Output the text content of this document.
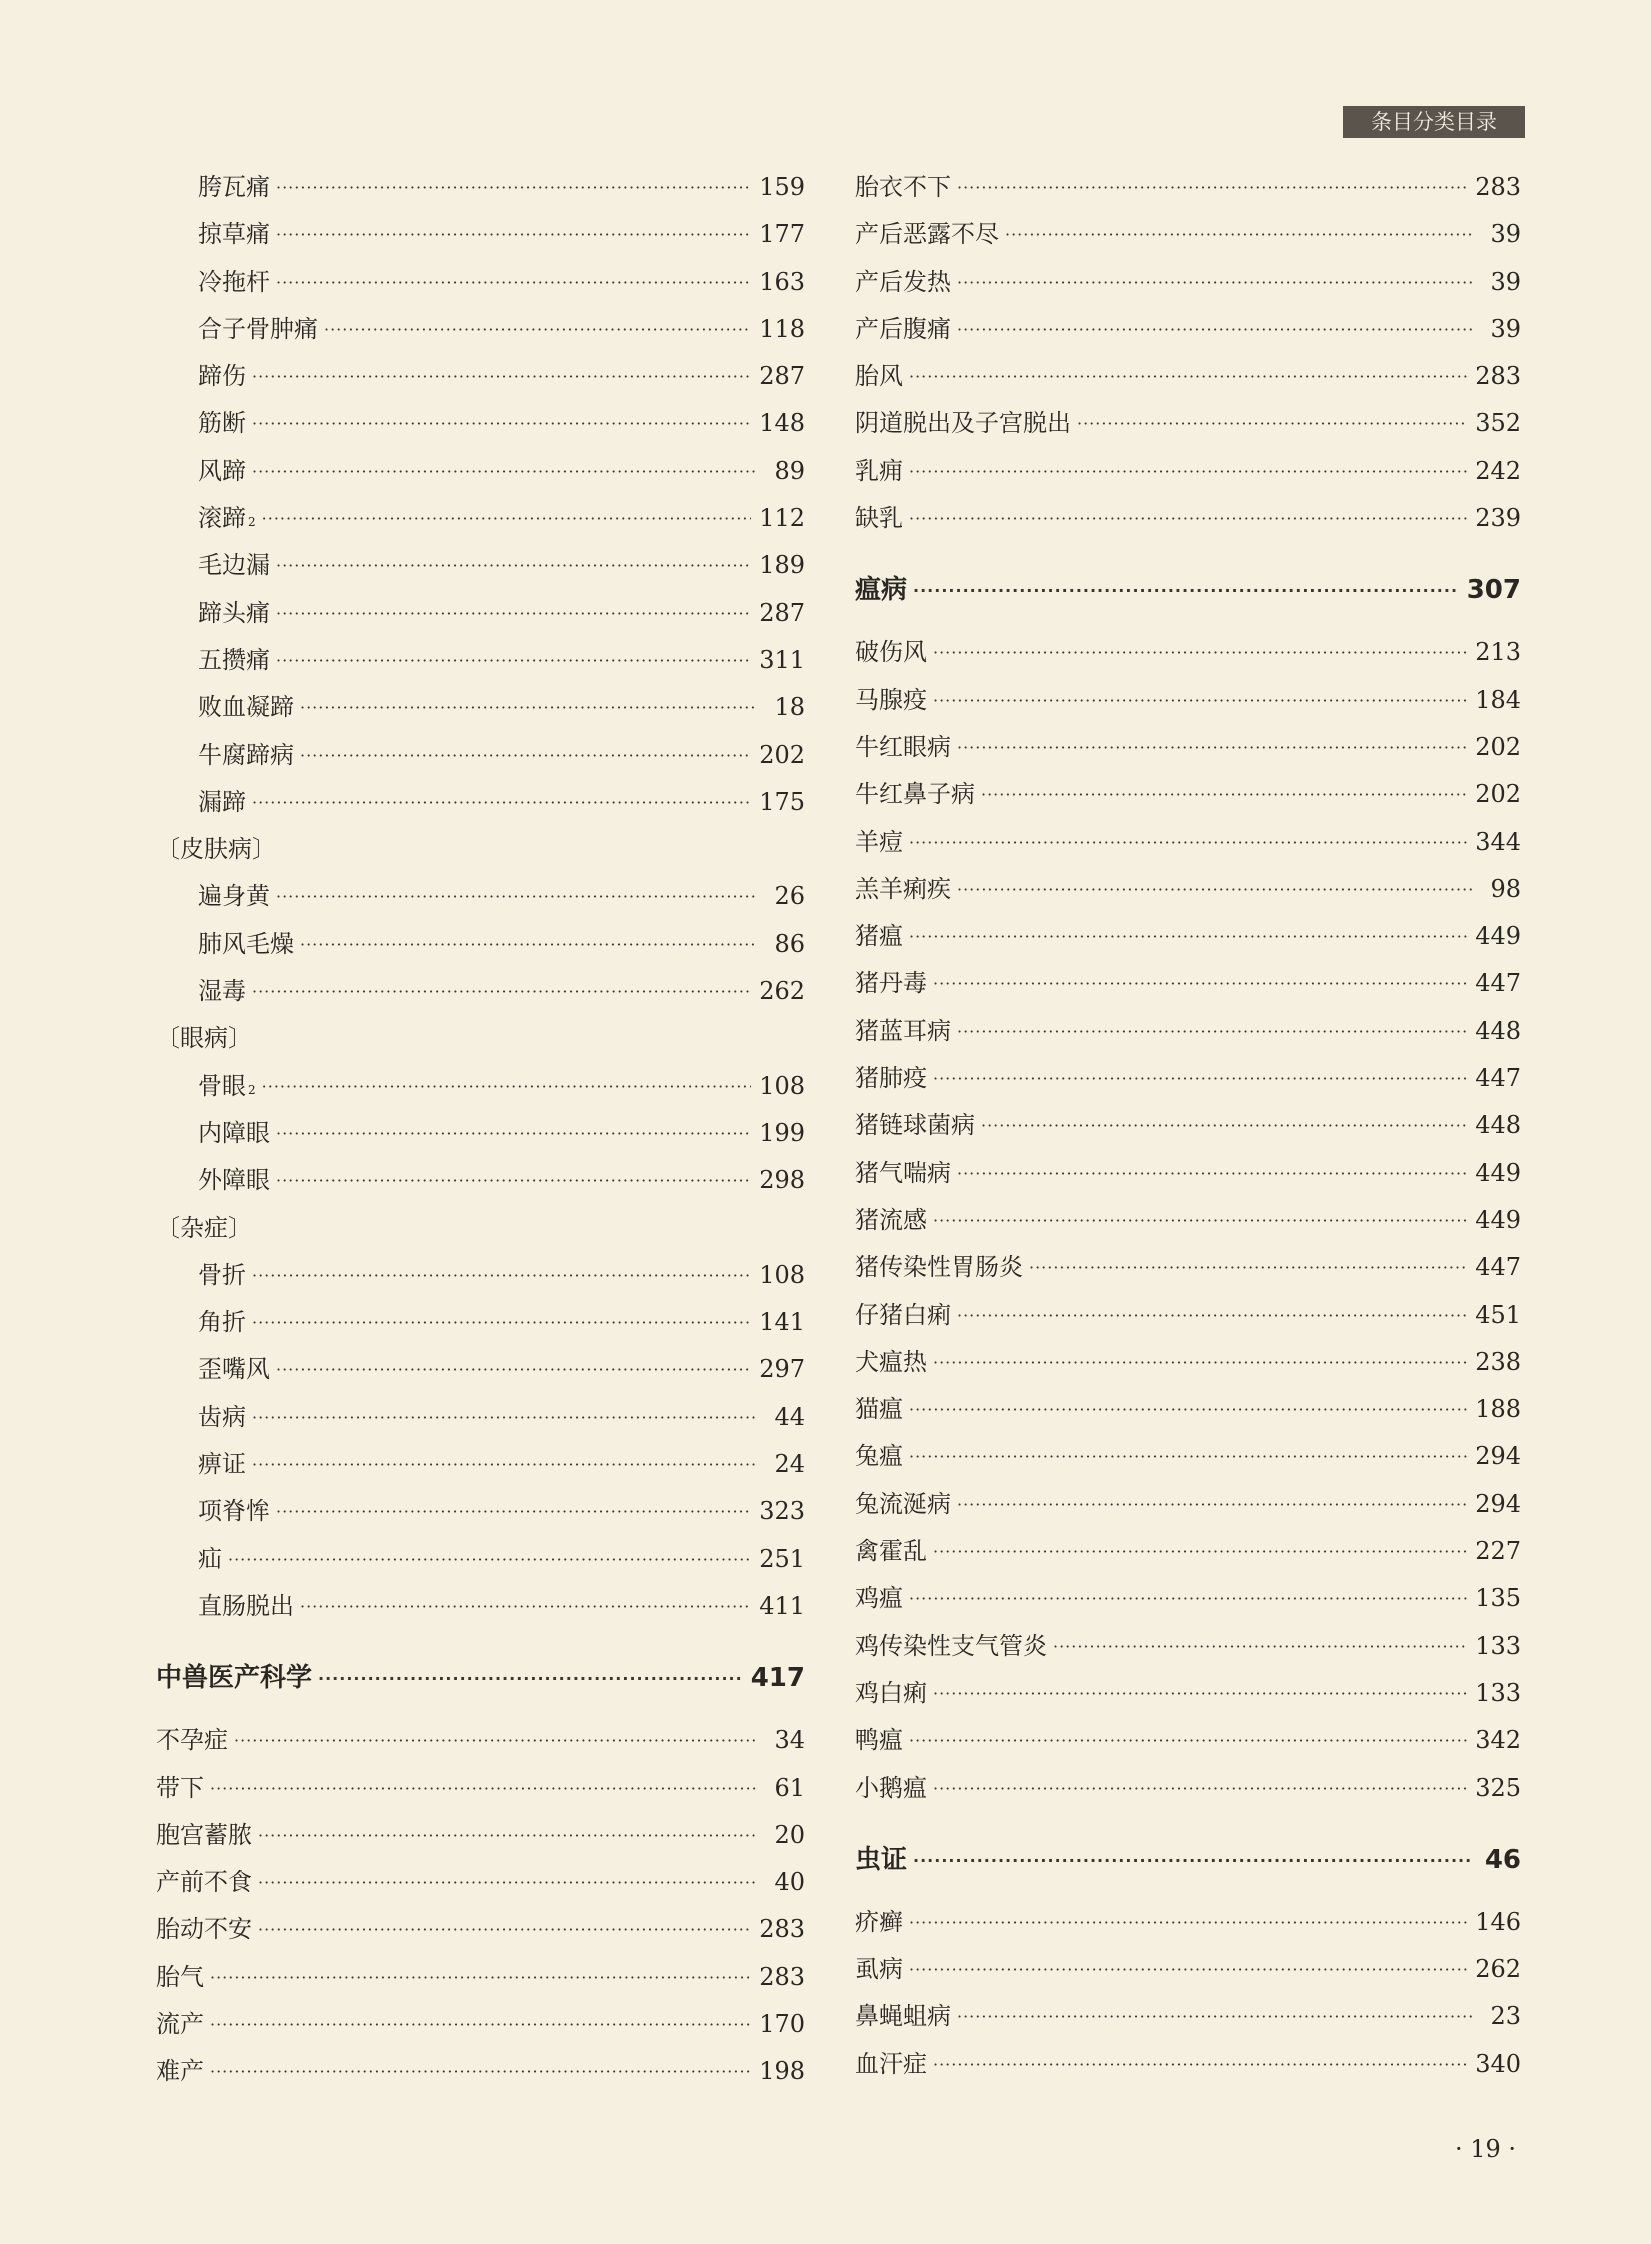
条目分类目录
胯瓦痛 ·····	159
掠草痛 ·····	177
冷拖杆 ·····	163
合子骨肿痛 ·····	118
蹄伤 ·····	287
筋断 ·····	148
风蹄 ·····	89
滚蹄 2 ·····	112
毛边漏 ·····	189
蹄头痛 ·····	287
五攒痛 ·····	311
败血凝蹄 ·····	18
牛腐蹄病 ·····	202
漏蹄 ·····	175
〔皮肤病〕
遍身黄 ·····	26
肺风毛燥 ·····	86
湿毒 ·····	262
〔眼病〕
骨眼 2 ·····	108
内障眼 ·····	199
外障眼 ·····	298
〔杂症〕
骨折 ·····	108
角折 ·····	141
歪嘴风 ·····	297
齿病 ·····	44
痹证 ·····	24
项脊恈 ·····	323
疝 ·····	251
直肠脱出 ·····	411
中兽医产科学 ·····	417
不孕症 ·····	34
带下 ·····	61
胞宫蓄脓 ·····	20
产前不食 ·····	40
胎动不安 ·····	283
胎气 ·····	283
流产 ·····	170
难产 ·····	198
胎衣不下 ·····	283
产后恶露不尽 ·····	39
产后发热 ·····	39
产后腹痛 ·····	39
胎风 ·····	283
阴道脱出及子宫脱出 ·····	352
乳痈 ·····	242
缺乳 ·····	239
瘟病 ·····	307
破伤风 ·····	213
马腺疫 ·····	184
牛红眼病 ·····	202
牛红鼻子病 ·····	202
羊痘 ·····	344
羔羊痢疾 ·····	98
猪瘟 ·····	449
猪丹毒 ·····	447
猪蓝耳病 ·····	448
猪肺疫 ·····	447
猪链球菌病 ·····	448
猪气喘病 ·····	449
猪流感 ·····	449
猪传染性胃肠炎 ·····	447
仔猪白痢 ·····	451
犬瘟热 ·····	238
猫瘟 ·····	188
兔瘟 ·····	294
兔流涎病 ·····	294
禽霍乱 ·····	227
鸡瘟 ·····	135
鸡传染性支气管炎 ·····	133
鸡白痢 ·····	133
鸭瘟 ·····	342
小鹅瘟 ·····	325
虫证 ·····	46
疥癣 ·····	146
虱病 ·····	262
鼻蝇蛆病 ·····	23
血汗症 ·····	340
· 19 ·
